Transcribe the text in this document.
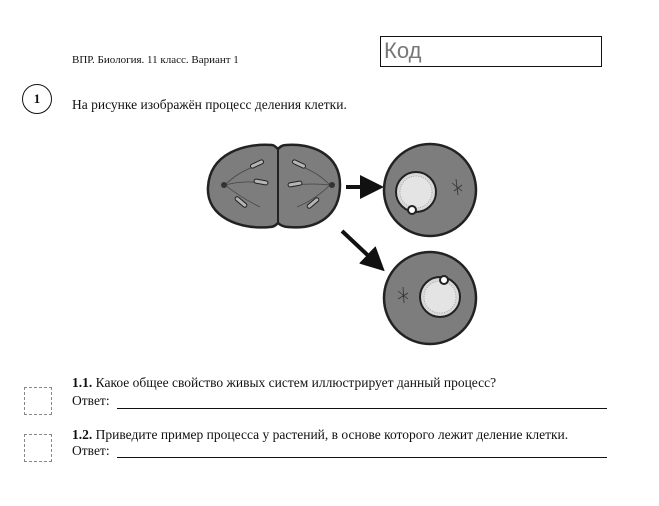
ВПР. Биология. 11 класс. Вариант 1	Код
1	На рисунке изображён процесс деления клетки.
1.1. Какое общее свойство живых систем иллюстрирует данный процесс?
Ответ:
1.2. Приведите пример процесса у растений, в основе которого лежит деление клетки.
Ответ:
